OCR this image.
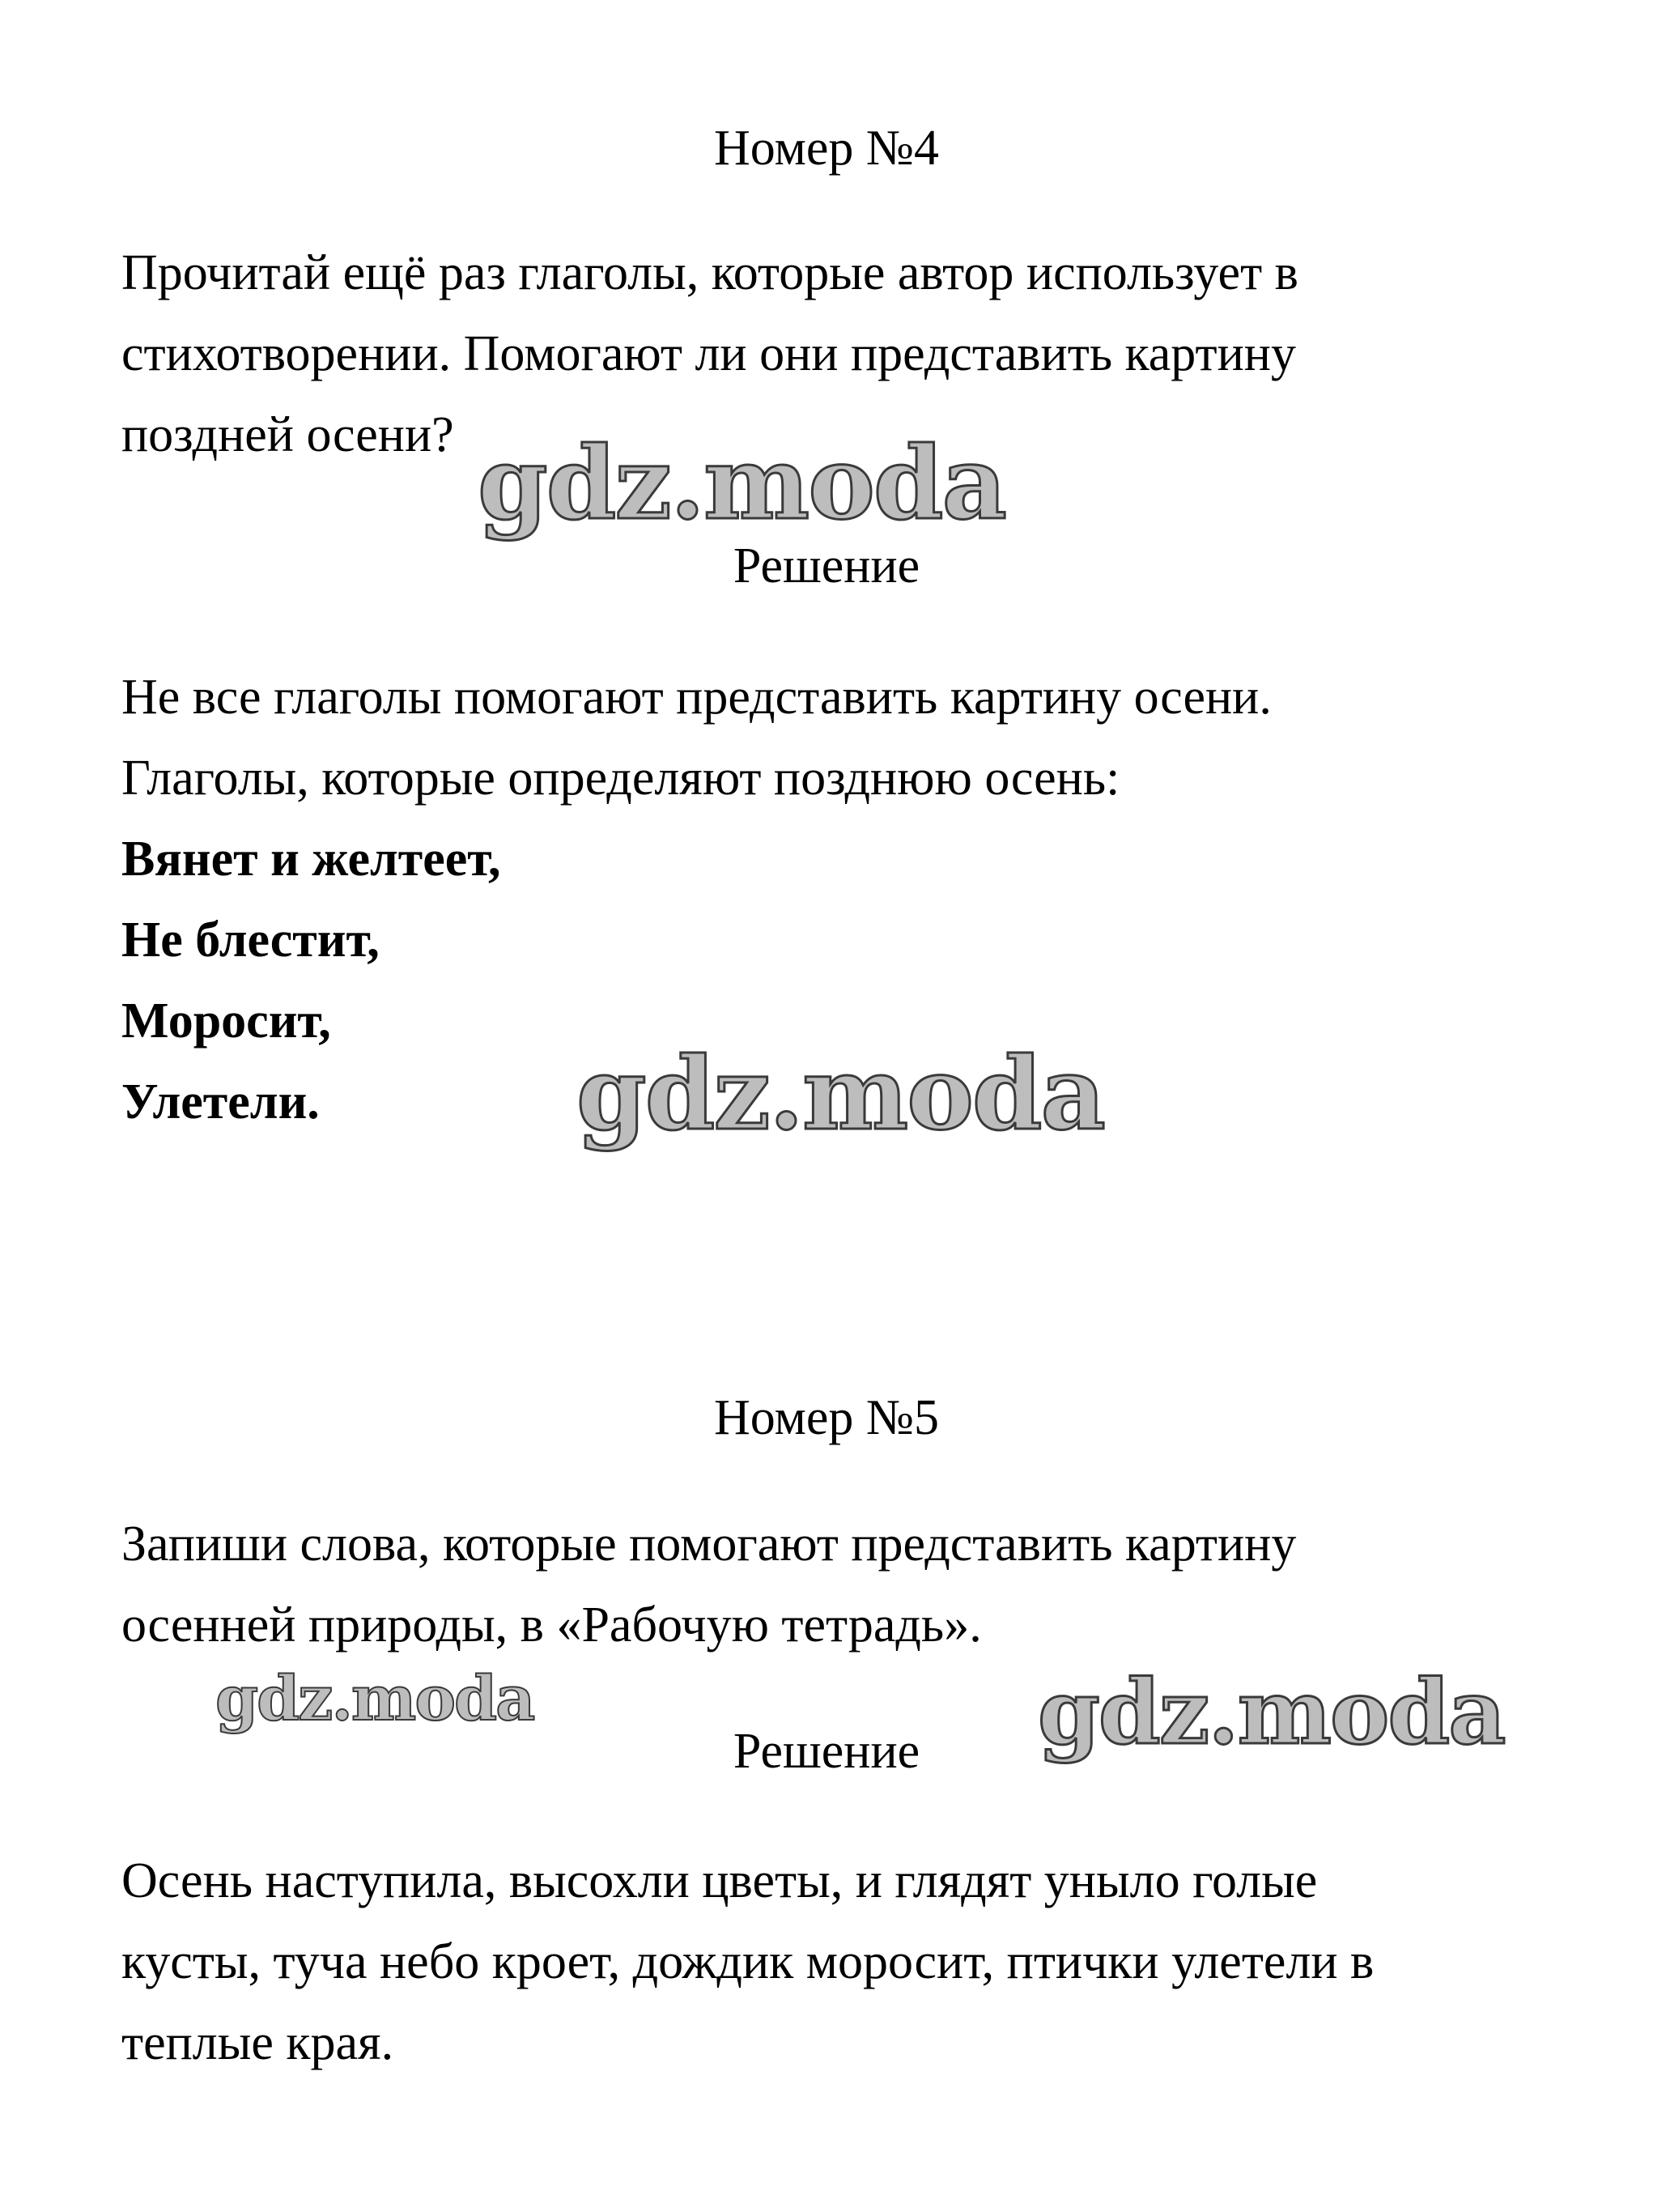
Номер №4
Прочитай ещё раз глаголы, которые автор использует в
стихотворении. Помогают ли они представить картину
поздней осени? gdz.moda
Решение
Не все глаголы помогают представить картину осени.
Глаголы, которые определяют позднюю осень:
Вянет и желтеет,
Не блестит,
Моросит,
Улетели.	gdz.moda
Номер №5
Запиши слова, которые помогают представить картину
осенней природы, в «Рабочую тетрадь».
gdz.moda	gdz.moda
Решение
Осень наступила, высохли цветы, и глядят уныло голые
кусты, туча небо кроет, дождик моросит, птички улетели в
теплые края.
